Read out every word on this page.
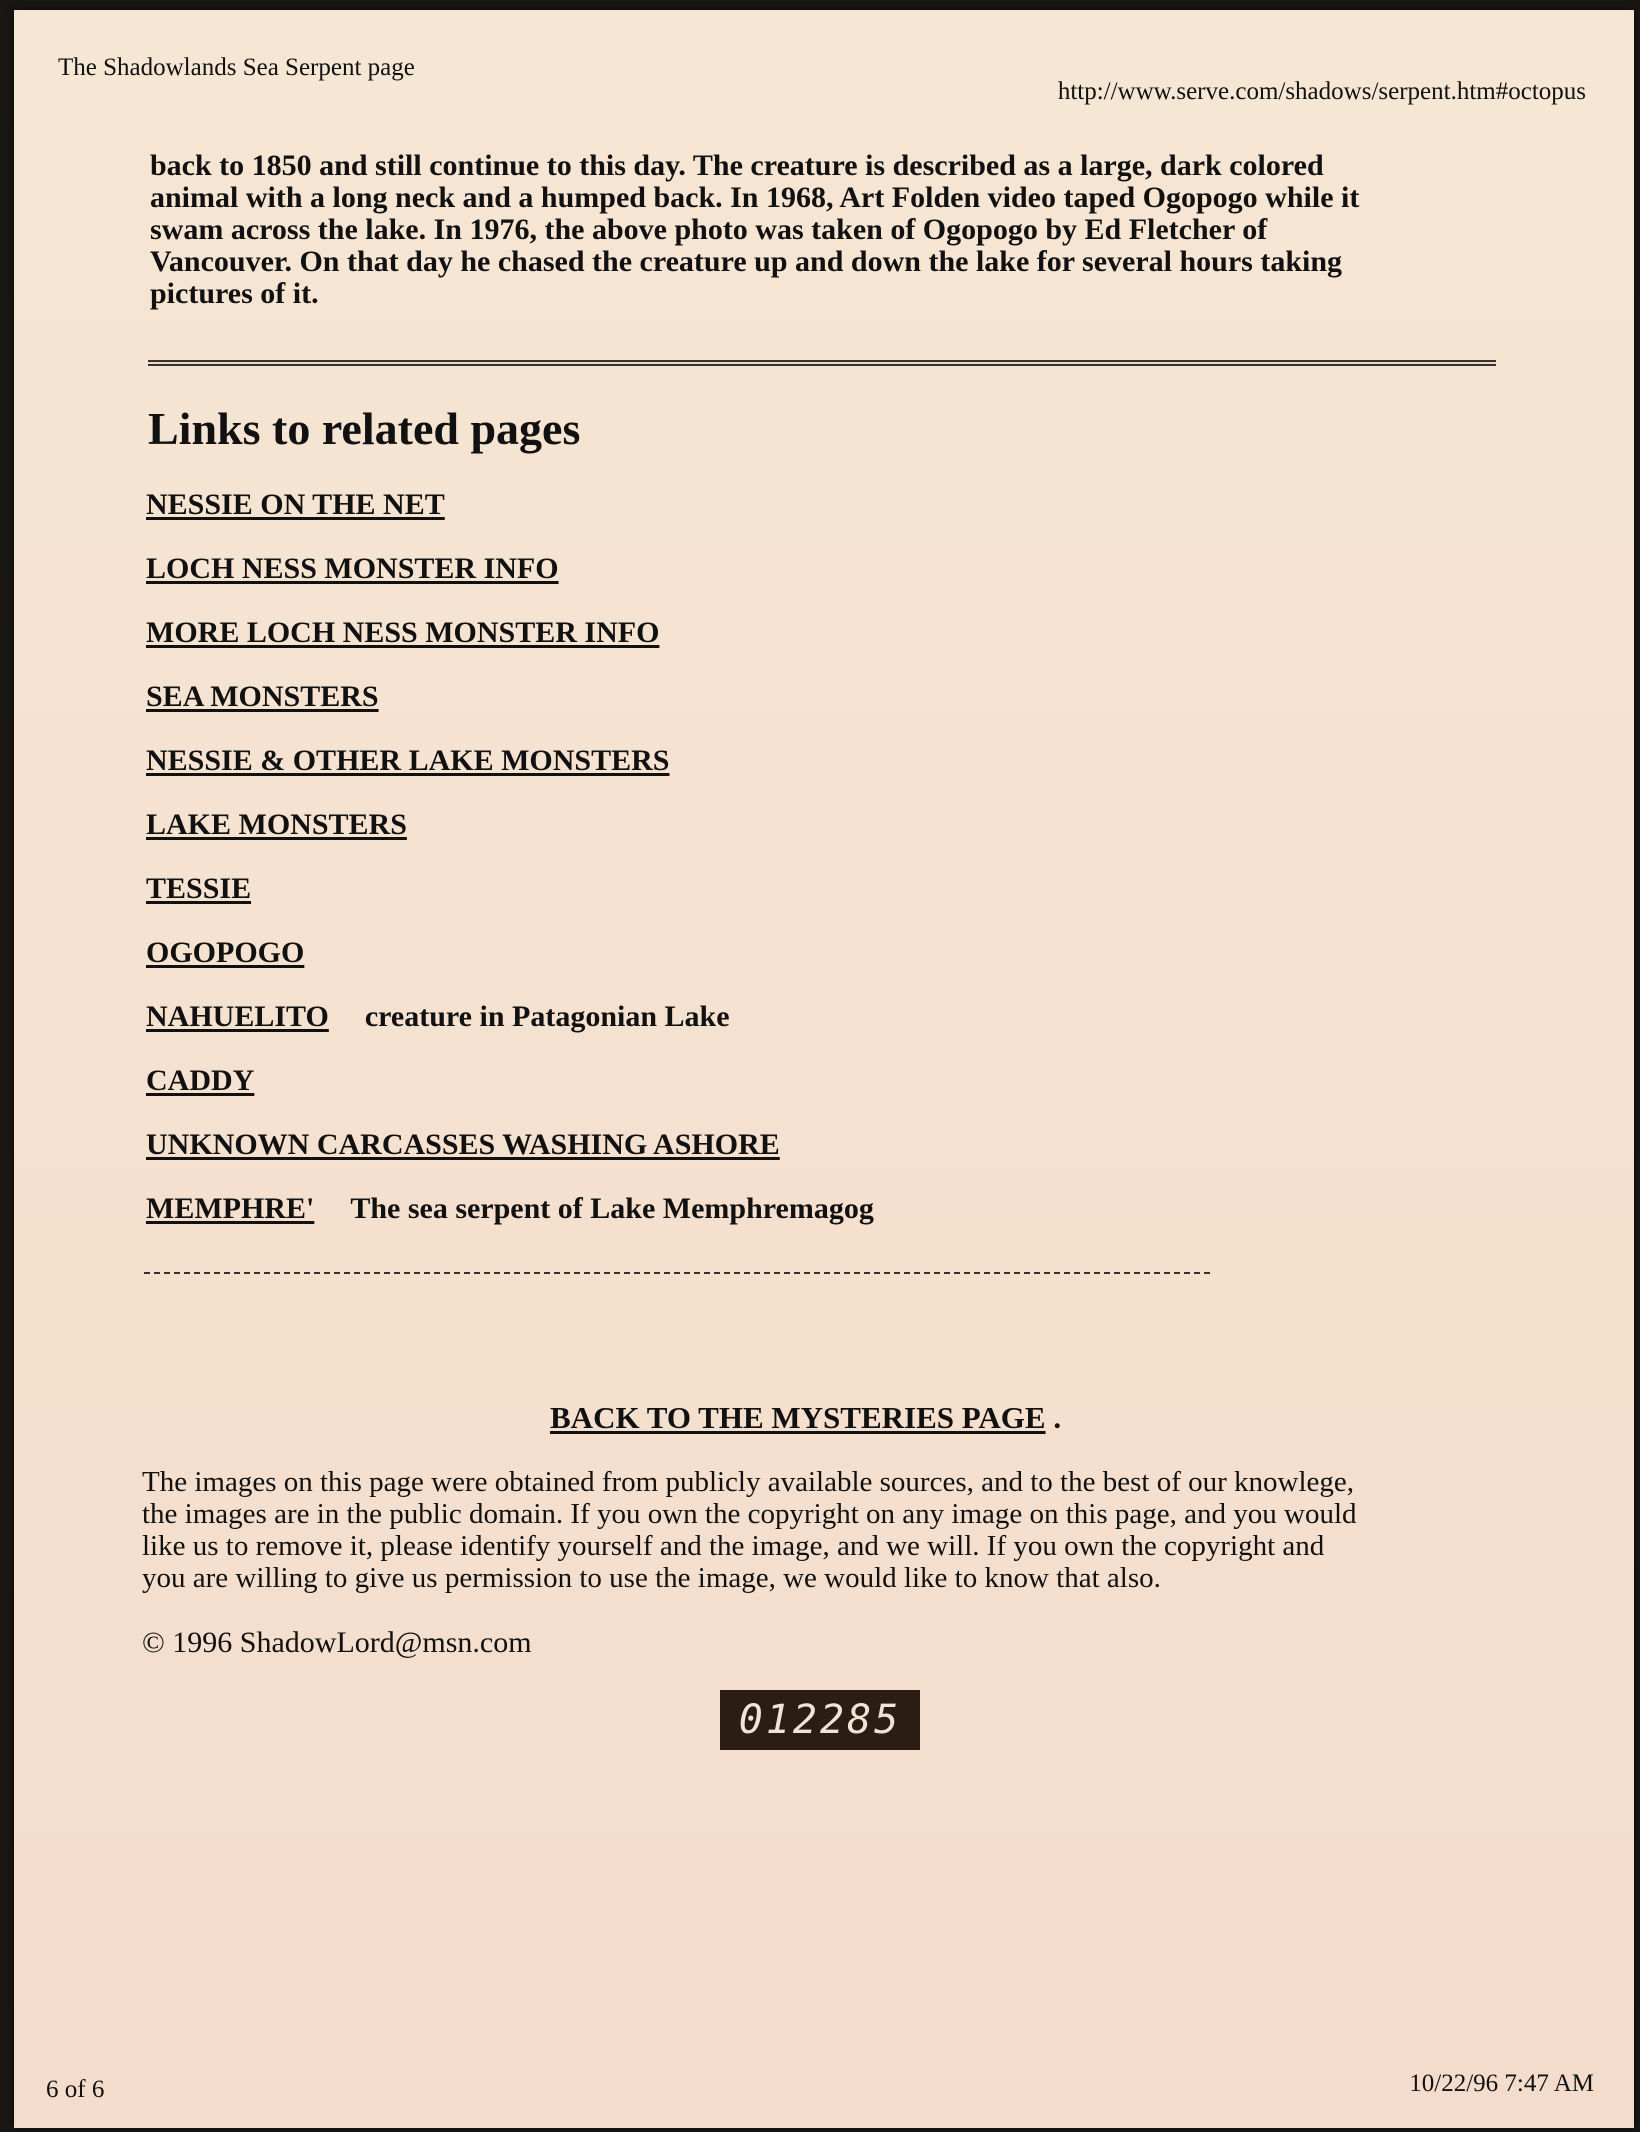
The Shadowlands Sea Serpent page
http://www.serve.com/shadows/serpent.htm#octopus
back to 1850 and still continue to this day. The creature is described as a large, dark colored
animal with a long neck and a humped back. In 1968, Art Folden video taped Ogopogo while it
swam across the lake. In 1976, the above photo was taken of Ogopogo by Ed Fletcher of
Vancouver. On that day he chased the creature up and down the lake for several hours taking
pictures of it.
Links to related pages
NESSIE ON THE NET
LOCH NESS MONSTER INFO
MORE LOCH NESS MONSTER INFO
SEA MONSTERS
NESSIE & OTHER LAKE MONSTERS
LAKE MONSTERS
TESSIE
OGOPOGO
NAHUELITO creature in Patagonian Lake
CADDY
UNKNOWN CARCASSES WASHING ASHORE
MEMPHRE' The sea serpent of Lake Memphremagog
BACK TO THE MYSTERIES PAGE .
The images on this page were obtained from publicly available sources, and to the best of our knowlege,
the images are in the public domain. If you own the copyright on any image on this page, and you would
like us to remove it, please identify yourself and the image, and we will. If you own the copyright and
you are willing to give us permission to use the image, we would like to know that also.
© 1996 ShadowLord@msn.com
012285
6 of 6	10/22/96 7:47 AM
